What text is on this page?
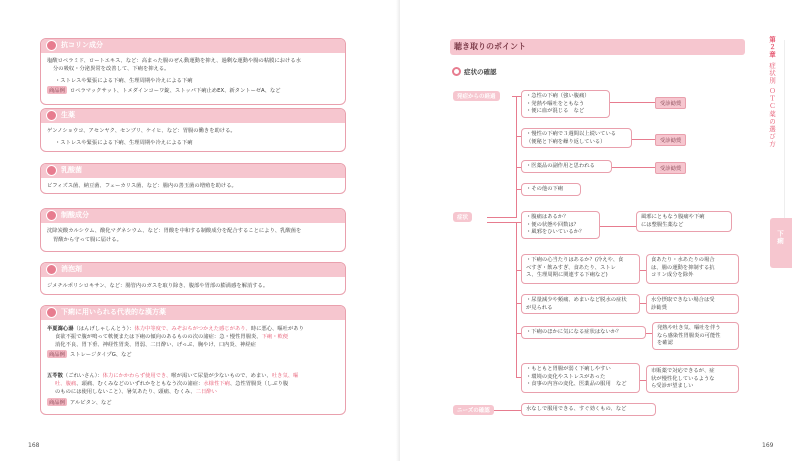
抗コリン成分
塩酸ロペラミド、ロートエキス、など：高まった腸のぜん動運動を抑え、過剰な運動や腸の粘膜における水
分の吸収・分泌異常を改善して、下痢を抑える。
・ストレスや緊張による下痢、生理周期や冷えによる下痢
商品例 ロペラマックサット、トメダインコーワ錠、ストッパ下痢止めEX、新タントーゼA、など
生薬
ゲンノショウコ、アセンヤク、センブリ、ケイヒ、など：胃腸の働きを助ける。
・ストレスや緊張による下痢、生理周期や冷えによる下痢
乳酸菌
ビフィズス菌、納豆菌、フェーカリス菌、など：腸内の善玉菌の増殖を助ける。
制酸成分
沈降炭酸カルシウム、酸化マグネシウム、など：胃酸を中和する制酸成分を配合することにより、乳酸菌を
胃酸から守って腸に届ける。
消泡剤
ジメチルポリシロキサン、など：腸管内のガスを取り除き、腹部や胃部の膨満感を解消する。
下痢に用いられる代表的な漢方薬
半夏瀉心湯（はんげしゃしんとう）：体力中等度で、みぞおちがつかえた感じがあり、時に悪心、嘔吐があり
食欲不振で腹が鳴って軟便または下痢の傾向のあるものの次の諸症：急・慢性胃腸炎、下痢・軟便
消化不良、胃下垂、神経性胃炎、胃弱、二日酔い、げっぷ、胸やけ、口内炎、神経症
商品例 ストレージタイプG、など
五苓散（ごれいさん）：体力にかかわらず使用でき、喉が渇いて尿量が少ないもので、めまい、吐き気、嘔
吐、腹痛、頭痛、むくみなどのいずれかをともなう次の諸症：水様性下痢、急性胃腸炎（しぶり腹
のものには使用しないこと）、暑気あたり、頭痛、むくみ、二日酔い
商品例 アルピタン、など
168
聴き取りのポイント
症状の確認
発症からの経過
症状
ニーズの確認
・急性の下痢（強い腹痛）
・発熱や嘔吐をともなう
・便に血が混じる　など
受診勧奨
・慢性の下痢で３週間以上続いている
（便秘と下痢を繰り返している）	受診勧奨
・医薬品の副作用と思われる	受診勧奨
・その他の下痢
・腹痛はあるか？
・便の状態や回数は？
・風邪をひいているか？
風邪にともなう腹痛や下痢
には整腸生薬など
・下痢の心当たりはあるか？(冷えや、食
べすぎ・飲みすぎ、食あたり、ストレ
ス、生理周期に関連する下痢など)
食あたり・水あたりの場合
は、腸の運動を抑制する抗
コリン成分を除外
・尿量減少や頻痛、めまいなど脱水の症状
が見られる
水分摂取できない場合は受
診勧奨
・下痢のほかに気になる症状はないか？
発熱や吐き気、嘔吐を伴う
なら感染性胃腸炎の可能性
を確認
・もともと胃腸が弱く下痢しやすい
・環境の変化やストレスがあった
・食事の内容の変化、医薬品の服用　など
市販薬で対応できるが、症
状が慢性化しているような
ら受診が望ましい
水なしで服用できる、すぐ効くもの、など
第２章
症状別 ＯＴＣ薬の選び方
下痢
169
